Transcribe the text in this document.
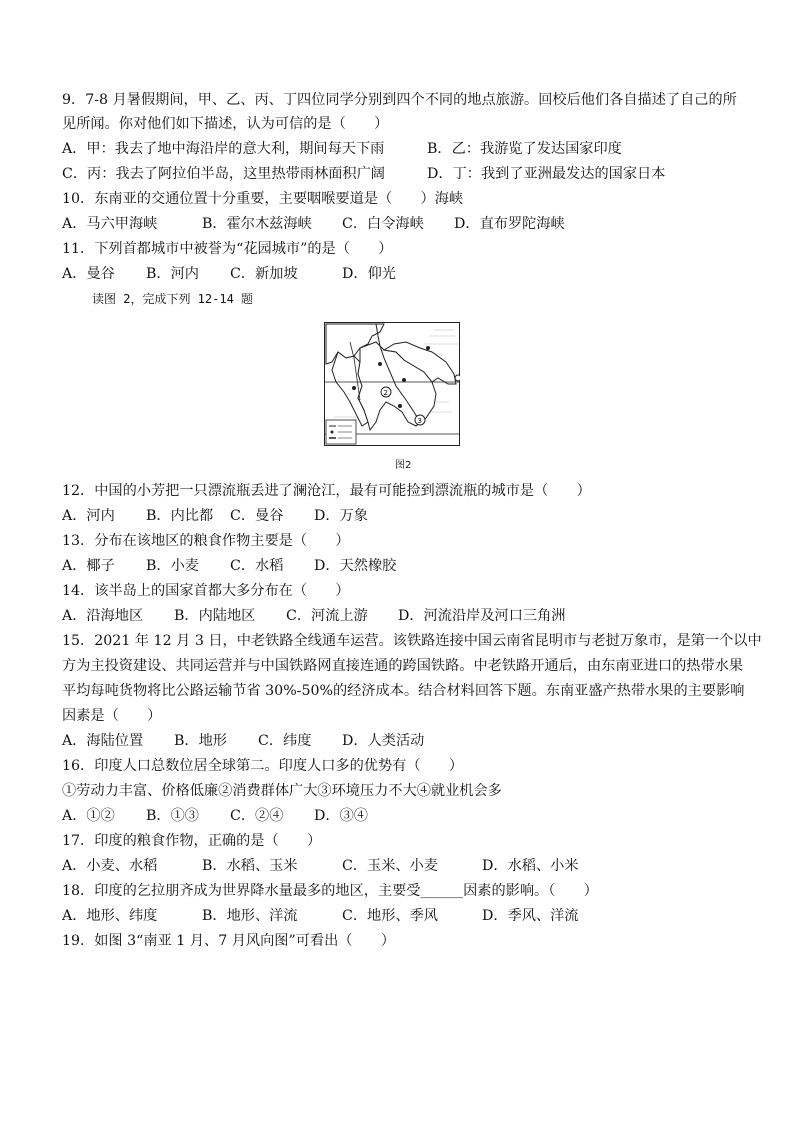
9．7-8 月暑假期间，甲、乙、丙、丁四位同学分别到四个不同的地点旅游。回校后他们各自描述了自己的所
见所闻。你对他们如下描述，认为可信的是（　　）
A．甲：我去了地中海沿岸的意大利，期间每天下雨	B．乙：我游览了发达国家印度
C．丙：我去了阿拉伯半岛，这里热带雨林面积广阔	D．丁：我到了亚洲最发达的国家日本
10．东南亚的交通位置十分重要，主要咽喉要道是（　　）海峡
A．马六甲海峡	B．霍尔木兹海峡 C．白令海峡 D．直布罗陀海峡
11．下列首都城市中被誉为“花园城市”的是（　　）
A．曼谷 B．河内 C．新加坡	D．仰光
读图 2，完成下列 12-14 题
2
3
图2
12．中国的小芳把一只漂流瓶丢进了澜沧江，最有可能捡到漂流瓶的城市是（　　）
A．河内 B．内比都 C．曼谷 D．万象
13．分布在该地区的粮食作物主要是（　　）
A．椰子 B．小麦 C．水稻 D．天然橡胶
14．该半岛上的国家首都大多分布在（　　）
A．沿海地区 B．内陆地区 C．河流上游 D．河流沿岸及河口三角洲
15．2021 年 12 月 3 日，中老铁路全线通车运营。该铁路连接中国云南省昆明市与老挝万象市，是第一个以中
方为主投资建设、共同运营并与中国铁路网直接连通的跨国铁路。中老铁路开通后，由东南亚进口的热带水果
平均每吨货物将比公路运输节省 30%-50%的经济成本。结合材料回答下题。东南亚盛产热带水果的主要影响
因素是（　　）
A．海陆位置 B．地形 C．纬度 D．人类活动
16．印度人口总数位居全球第二。印度人口多的优势有（　　）
①劳动力丰富、价格低廉②消费群体广大③环境压力不大④就业机会多
A．①② B．①③ C．②④ D．③④
17．印度的粮食作物，正确的是（　　）
A．小麦、水稻	B．水稻、玉米	C．玉米、小麦	D．水稻、小米
18．印度的乞拉朋齐成为世界降水量最多的地区，主要受______因素的影响。（　　）
A．地形、纬度	B．地形、洋流	C．地形、季风	D．季风、洋流
19．如图 3“南亚 1 月、7 月风向图”可看出（　　）
